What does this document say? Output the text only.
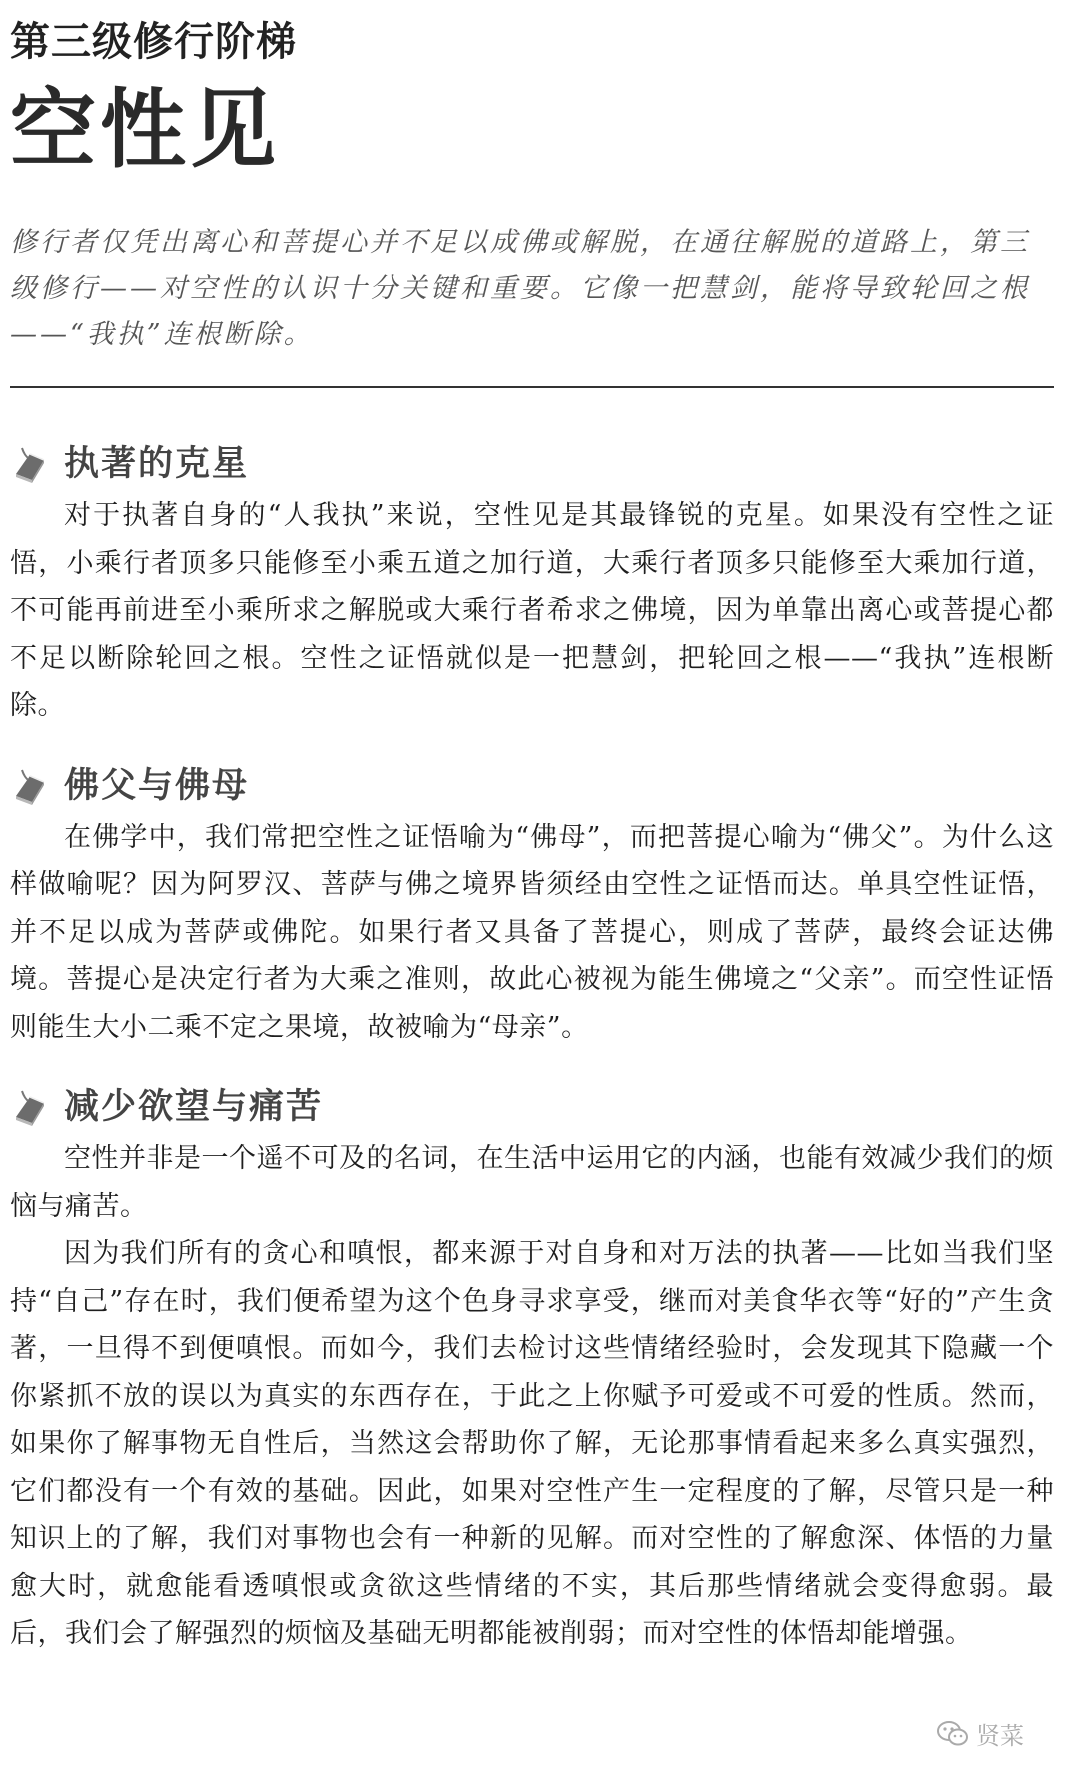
第三级修行阶梯
空性见

修行者仅凭出离心和菩提心并不足以成佛或解脱，在通往解脱的道路上，第三级修行——对空性的认识十分关键和重要。它像一把慧剑，能将导致轮回之根——“我执”连根断除。

执著的克星

对于执著自身的“人我执”来说，空性见是其最锋锐的克星。如果没有空性之证悟，小乘行者顶多只能修至小乘五道之加行道，大乘行者顶多只能修至大乘加行道，不可能再前进至小乘所求之解脱或大乘行者希求之佛境，因为单靠出离心或菩提心都不足以断除轮回之根。空性之证悟就似是一把慧剑，把轮回之根——“我执”连根断除。

佛父与佛母

在佛学中，我们常把空性之证悟喻为“佛母”，而把菩提心喻为“佛父”。为什么这样做喻呢？因为阿罗汉、菩萨与佛之境界皆须经由空性之证悟而达。单具空性证悟，并不足以成为菩萨或佛陀。如果行者又具备了菩提心，则成了菩萨，最终会证达佛境。菩提心是决定行者为大乘之准则，故此心被视为能生佛境之“父亲”。而空性证悟则能生大小二乘不定之果境，故被喻为“母亲”。

减少欲望与痛苦

空性并非是一个遥不可及的名词，在生活中运用它的内涵，也能有效减少我们的烦恼与痛苦。

因为我们所有的贪心和嗔恨，都来源于对自身和对万法的执著——比如当我们坚持“自己”存在时，我们便希望为这个色身寻求享受，继而对美食华衣等“好的”产生贪著，一旦得不到便嗔恨。而如今，我们去检讨这些情绪经验时，会发现其下隐藏一个你紧抓不放的误以为真实的东西存在，于此之上你赋予可爱或不可爱的性质。然而，如果你了解事物无自性后，当然这会帮助你了解，无论那事情看起来多么真实强烈，它们都没有一个有效的基础。因此，如果对空性产生一定程度的了解，尽管只是一种知识上的了解，我们对事物也会有一种新的见解。而对空性的了解愈深、体悟的力量愈大时，就愈能看透嗔恨或贪欲这些情绪的不实，其后那些情绪就会变得愈弱。最后，我们会了解强烈的烦恼及基础无明都能被削弱；而对空性的体悟却能增强。

贤菜
